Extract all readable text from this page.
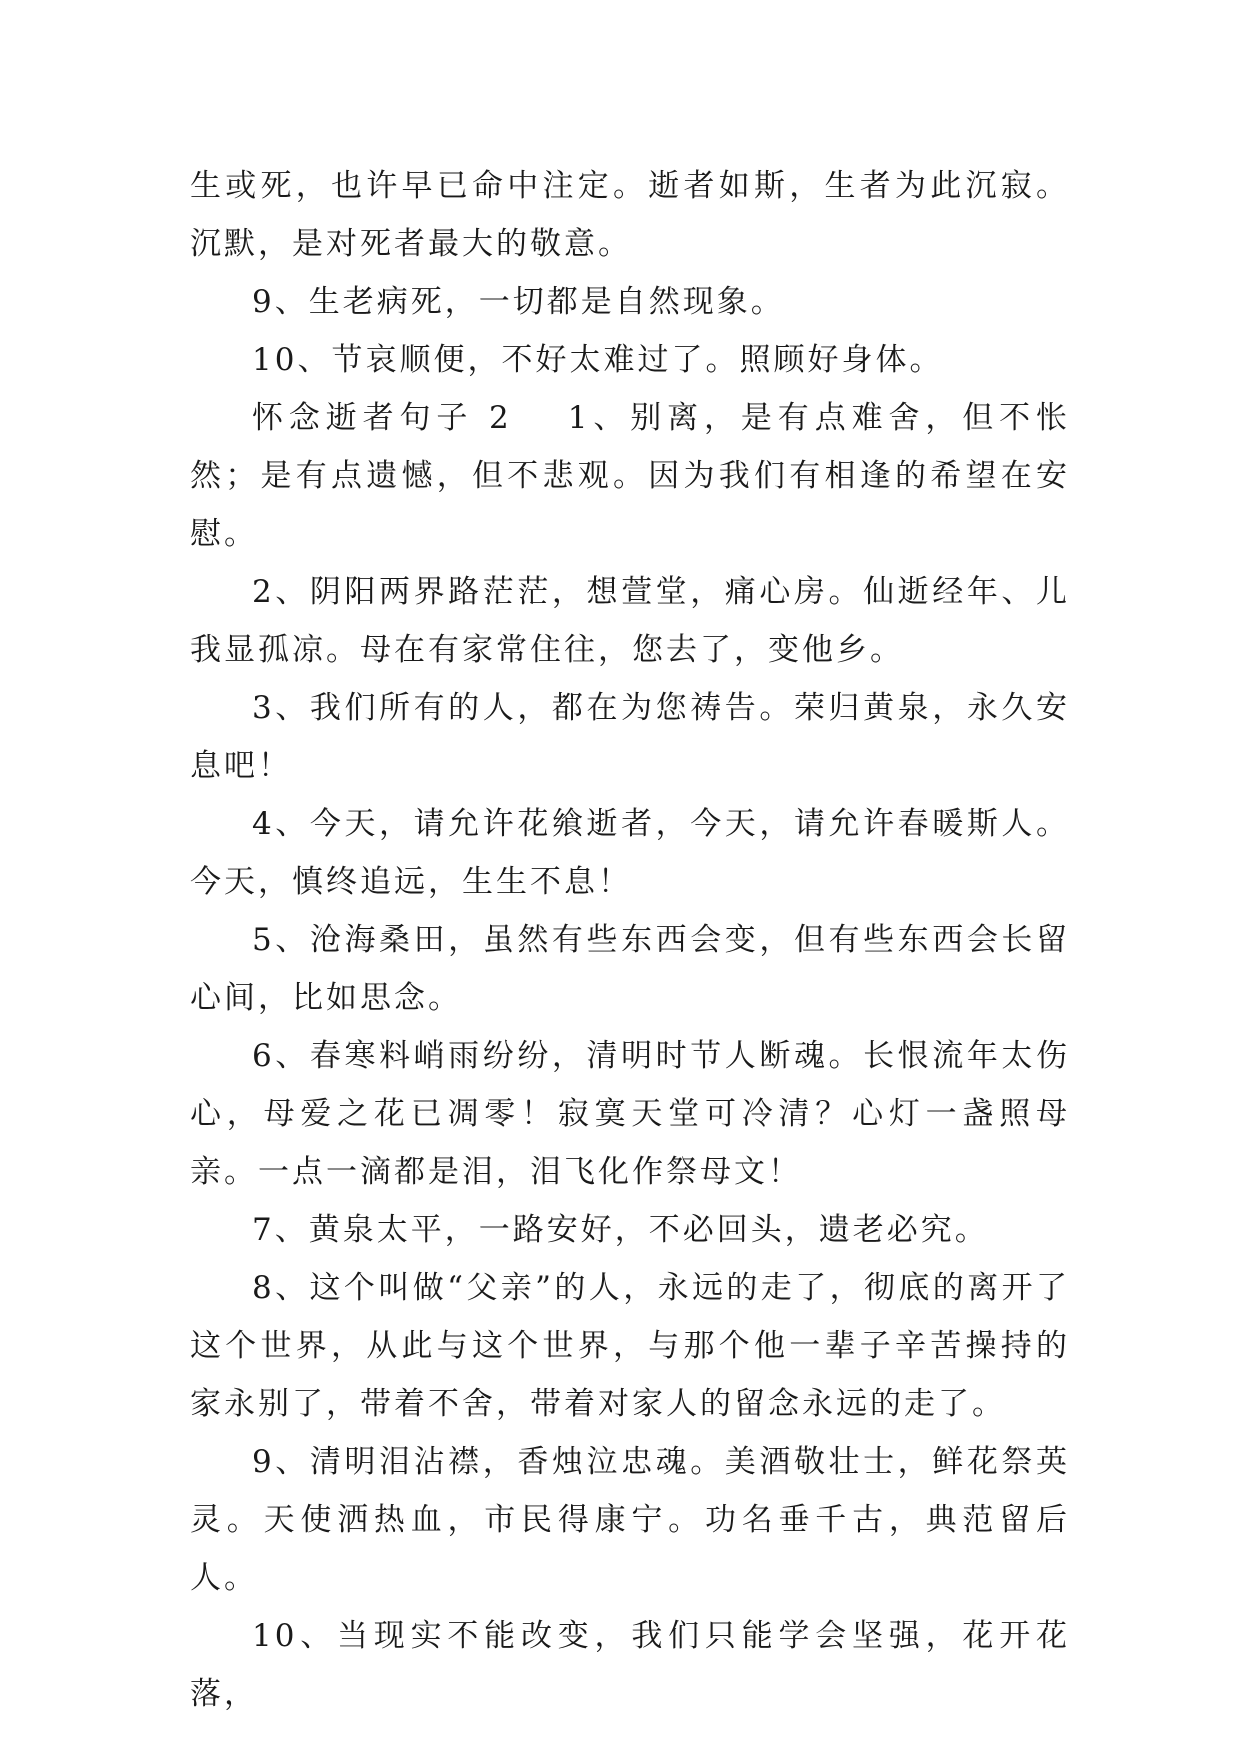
生或死，也许早已命中注定。逝者如斯，生者为此沉寂。沉默，是对死者最大的敬意。

9、生老病死，一切都是自然现象。

10、节哀顺便，不好太难过了。照顾好身体。

怀念逝者句子 2 1、别离，是有点难舍，但不怅然；是有点遗憾，但不悲观。因为我们有相逢的希望在安慰。

2、阴阳两界路茫茫，想萱堂，痛心房。仙逝经年、儿我显孤凉。母在有家常住往，您去了，变他乡。

3、我们所有的人，都在为您祷告。荣归黄泉，永久安息吧！

4、今天，请允许花飨逝者，今天，请允许春暖斯人。今天，慎终追远，生生不息！

5、沧海桑田，虽然有些东西会变，但有些东西会长留心间，比如思念。

6、春寒料峭雨纷纷，清明时节人断魂。长恨流年太伤心，母爱之花已凋零！寂寞天堂可冷清？心灯一盏照母亲。一点一滴都是泪，泪飞化作祭母文！

7、黄泉太平，一路安好，不必回头，遗老必究。

8、这个叫做“父亲”的人，永远的走了，彻底的离开了这个世界，从此与这个世界，与那个他一辈子辛苦操持的家永别了，带着不舍，带着对家人的留念永远的走了。

9、清明泪沾襟，香烛泣忠魂。美酒敬壮士，鲜花祭英灵。天使洒热血，市民得康宁。功名垂千古，典范留后人。

10、当现实不能改变，我们只能学会坚强，花开花落，
